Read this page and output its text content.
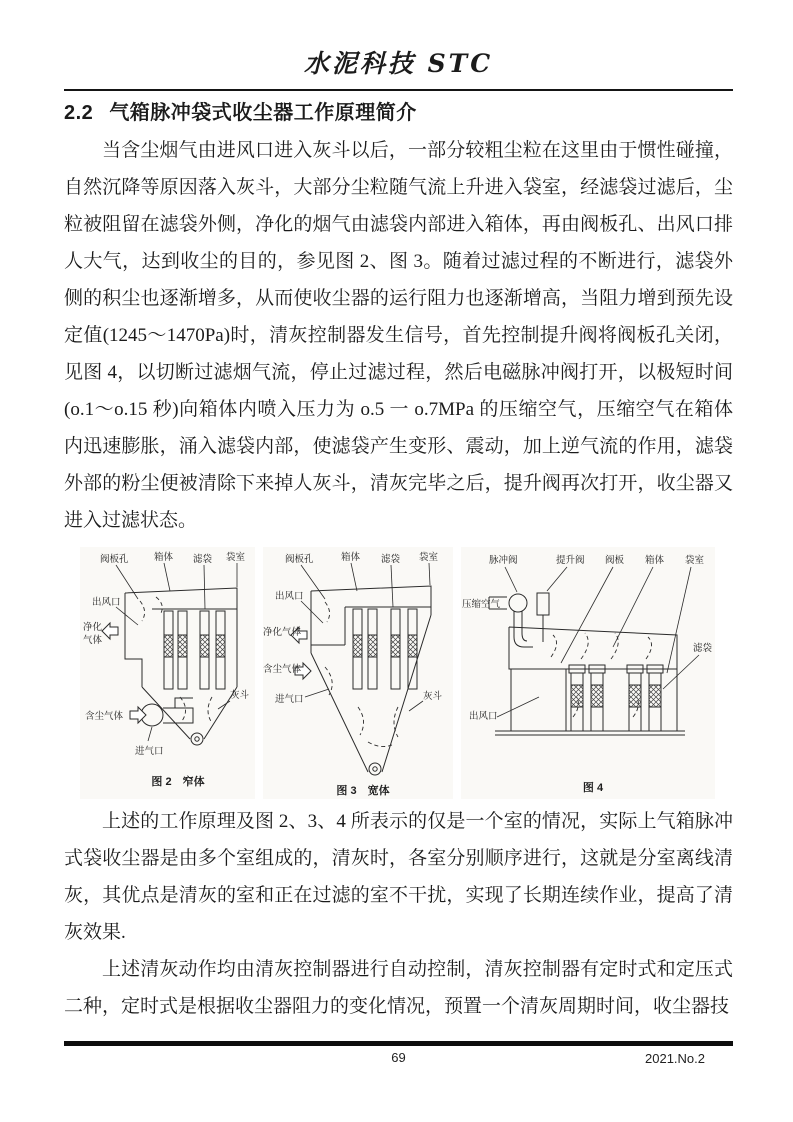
水泥科技 STC
2.2 气箱脉冲袋式收尘器工作原理简介

当含尘烟气由进风口进入灰斗以后，一部分较粗尘粒在这里由于惯性碰撞，自然沉降等原因落入灰斗，大部分尘粒随气流上升进入袋室，经滤袋过滤后，尘粒被阻留在滤袋外侧，净化的烟气由滤袋内部进入箱体，再由阀板孔、出风口排人大气，达到收尘的目的，参见图 2、图 3。随着过滤过程的不断进行，滤袋外侧的积尘也逐渐增多，从而使收尘器的运行阻力也逐渐增高，当阻力增到预先设定值(1245～1470Pa)时，清灰控制器发生信号，首先控制提升阀将阀板孔关闭，见图 4，以切断过滤烟气流，停止过滤过程，然后电磁脉冲阀打开，以极短时间(o.1～o.15 秒)向箱体内喷入压力为 o.5 一 o.7MPa 的压缩空气，压缩空气在箱体内迅速膨胀，涌入滤袋内部，使滤袋产生变形、震动，加上逆气流的作用，滤袋外部的粉尘便被清除下来掉人灰斗，清灰完毕之后，提升阀再次打开，收尘器又进入过滤状态。

阀板孔	箱体 滤袋 袋室
出风口
净化
气体
含尘气体
进气口
灰斗
图 2　窄体
阀板孔	箱体 滤袋 袋室
出风口
净化气体
含尘气体
进气口	灰斗
图 3　宽体
脉冲阀	提升阀 阀板 箱体 袋室
压缩空气
滤袋
出风口
图 4

上述的工作原理及图 2、3、4 所表示的仅是一个室的情况，实际上气箱脉冲式袋收尘器是由多个室组成的，清灰时，各室分别顺序进行，这就是分室离线清灰，其优点是清灰的室和正在过滤的室不干扰，实现了长期连续作业，提高了清灰效果.

上述清灰动作均由清灰控制器进行自动控制，清灰控制器有定时式和定压式二种，定时式是根据收尘器阻力的变化情况，预置一个清灰周期时间，收尘器技

69	2021.No.2
